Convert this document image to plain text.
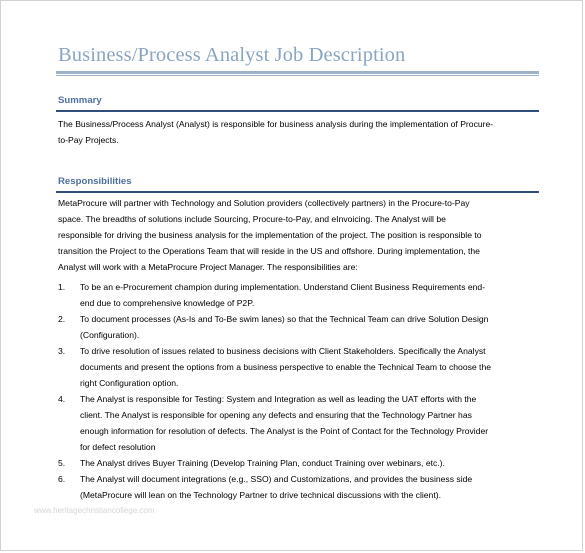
Business/Process Analyst Job Description
Summary

The Business/Process Analyst (Analyst) is responsible for business analysis during the implementation of Procure-
to-Pay Projects.

Responsibilities

MetaProcure will partner with Technology and Solution providers (collectively partners) in the Procure-to-Pay
space. The breadths of solutions include Sourcing, Procure-to-Pay, and eInvoicing. The Analyst will be
responsible for driving the business analysis for the implementation of the project. The position is responsible to
transition the Project to the Operations Team that will reside in the US and offshore. During implementation, the
Analyst will work with a MetaProcure Project Manager. The responsibilities are:

1. To be an e-Procurement champion during implementation. Understand Client Business Requirements end-
end due to comprehensive knowledge of P2P.
2. To document processes (As-Is and To-Be swim lanes) so that the Technical Team can drive Solution Design
(Configuration).
3. To drive resolution of issues related to business decisions with Client Stakeholders. Specifically the Analyst
documents and present the options from a business perspective to enable the Technical Team to choose the
right Configuration option.
4. The Analyst is responsible for Testing: System and Integration as well as leading the UAT efforts with the
client. The Analyst is responsible for opening any defects and ensuring that the Technology Partner has
enough information for resolution of defects. The Analyst is the Point of Contact for the Technology Provider
for defect resolution
5. The Analyst drives Buyer Training (Develop Training Plan, conduct Training over webinars, etc.).
6. The Analyst will document integrations (e.g., SSO) and Customizations, and provides the business side
(MetaProcure will lean on the Technology Partner to drive technical discussions with the client).
www.heritagechristiancollege.com
